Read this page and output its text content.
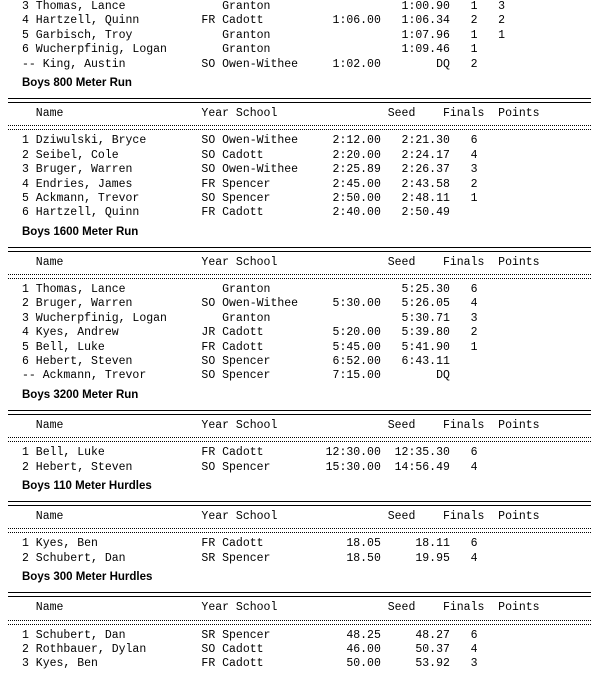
3 Thomas, Lance              Granton                   1:00.90   1   3
4 Hartzell, Quinn         FR Cadott          1:06.00   1:06.34   2   2
5 Garbisch, Troy             Granton                   1:07.96   1   1
6 Wucherpfinig, Logan        Granton                   1:09.46   1
-- King, Austin           SO Owen-Withee     1:02.00        DQ   2
Boys 800 Meter Run
Name                    Year School                Seed    Finals  Points
1 Dziwulski, Bryce        SO Owen-Withee     2:12.00   2:21.30   6
2 Seibel, Cole            SO Cadott          2:20.00   2:24.17   4
3 Bruger, Warren          SO Owen-Withee     2:25.89   2:26.37   3
4 Endries, James          FR Spencer         2:45.00   2:43.58   2
5 Ackmann, Trevor         SO Spencer         2:50.00   2:48.11   1
6 Hartzell, Quinn         FR Cadott          2:40.00   2:50.49
Boys 1600 Meter Run
Name                    Year School                Seed    Finals  Points
1 Thomas, Lance              Granton                   5:25.30   6
2 Bruger, Warren          SO Owen-Withee     5:30.00   5:26.05   4
3 Wucherpfinig, Logan        Granton                   5:30.71   3
4 Kyes, Andrew            JR Cadott          5:20.00   5:39.80   2
5 Bell, Luke              FR Cadott          5:45.00   5:41.90   1
6 Hebert, Steven          SO Spencer         6:52.00   6:43.11
-- Ackmann, Trevor        SO Spencer         7:15.00        DQ
Boys 3200 Meter Run
Name                    Year School                Seed    Finals  Points
1 Bell, Luke              FR Cadott         12:30.00  12:35.30   6
2 Hebert, Steven          SO Spencer        15:30.00  14:56.49   4
Boys 110 Meter Hurdles
Name                    Year School                Seed    Finals  Points
1 Kyes, Ben               FR Cadott            18.05     18.11   6
2 Schubert, Dan           SR Spencer           18.50     19.95   4
Boys 300 Meter Hurdles
Name                    Year School                Seed    Finals  Points
1 Schubert, Dan           SR Spencer           48.25     48.27   6
2 Rothbauer, Dylan        SO Cadott            46.00     50.37   4
3 Kyes, Ben               FR Cadott            50.00     53.92   3
